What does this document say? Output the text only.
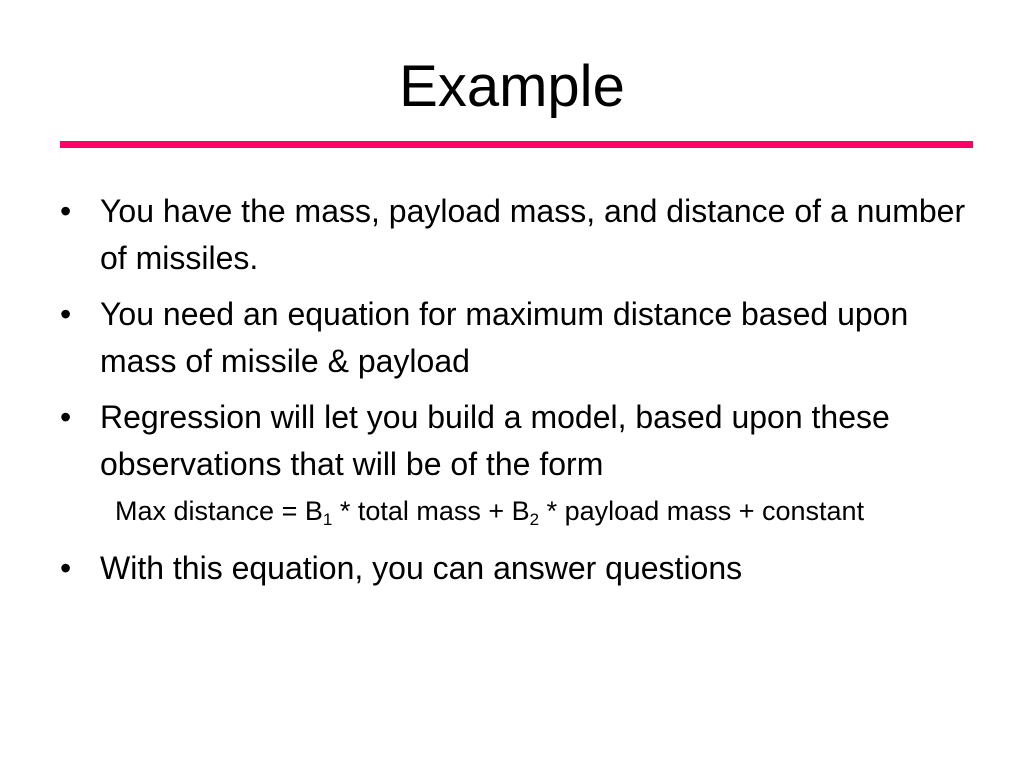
Example
• You have the mass, payload mass, and distance of a number of missiles.
• You need an equation for maximum distance based upon mass of missile & payload
• Regression will let you build a model, based upon these observations that will be of the form
Max distance = $B_1$ * total mass + $B_2$ * payload mass + constant
• With this equation, you can answer questions
